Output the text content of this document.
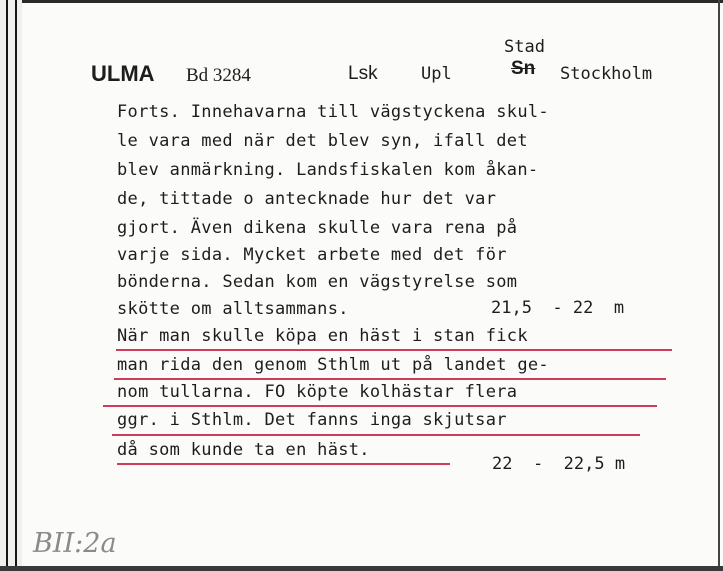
ULMA Bd 3284	Lsk	Upl
Stad
Sn Stockholm
Forts. Innehavarna till vägstyckena skul-
le vara med när det blev syn, ifall det
blev anmärkning. Landsfiskalen kom åkan-
de, tittade o antecknade hur det var
gjort. Även dikena skulle vara rena på
varje sida. Mycket arbete med det för
bönderna. Sedan kom en vägstyrelse som
skötte om alltsammans.
När man skulle köpa en häst i stan fick
man rida den genom Sthlm ut på landet ge-
nom tullarna. FO köpte kolhästar flera
ggr. i Sthlm. Det fanns inga skjutsar
då som kunde ta en häst.
21,5  - 22  m
22  -  22,5 m
BII:2a
